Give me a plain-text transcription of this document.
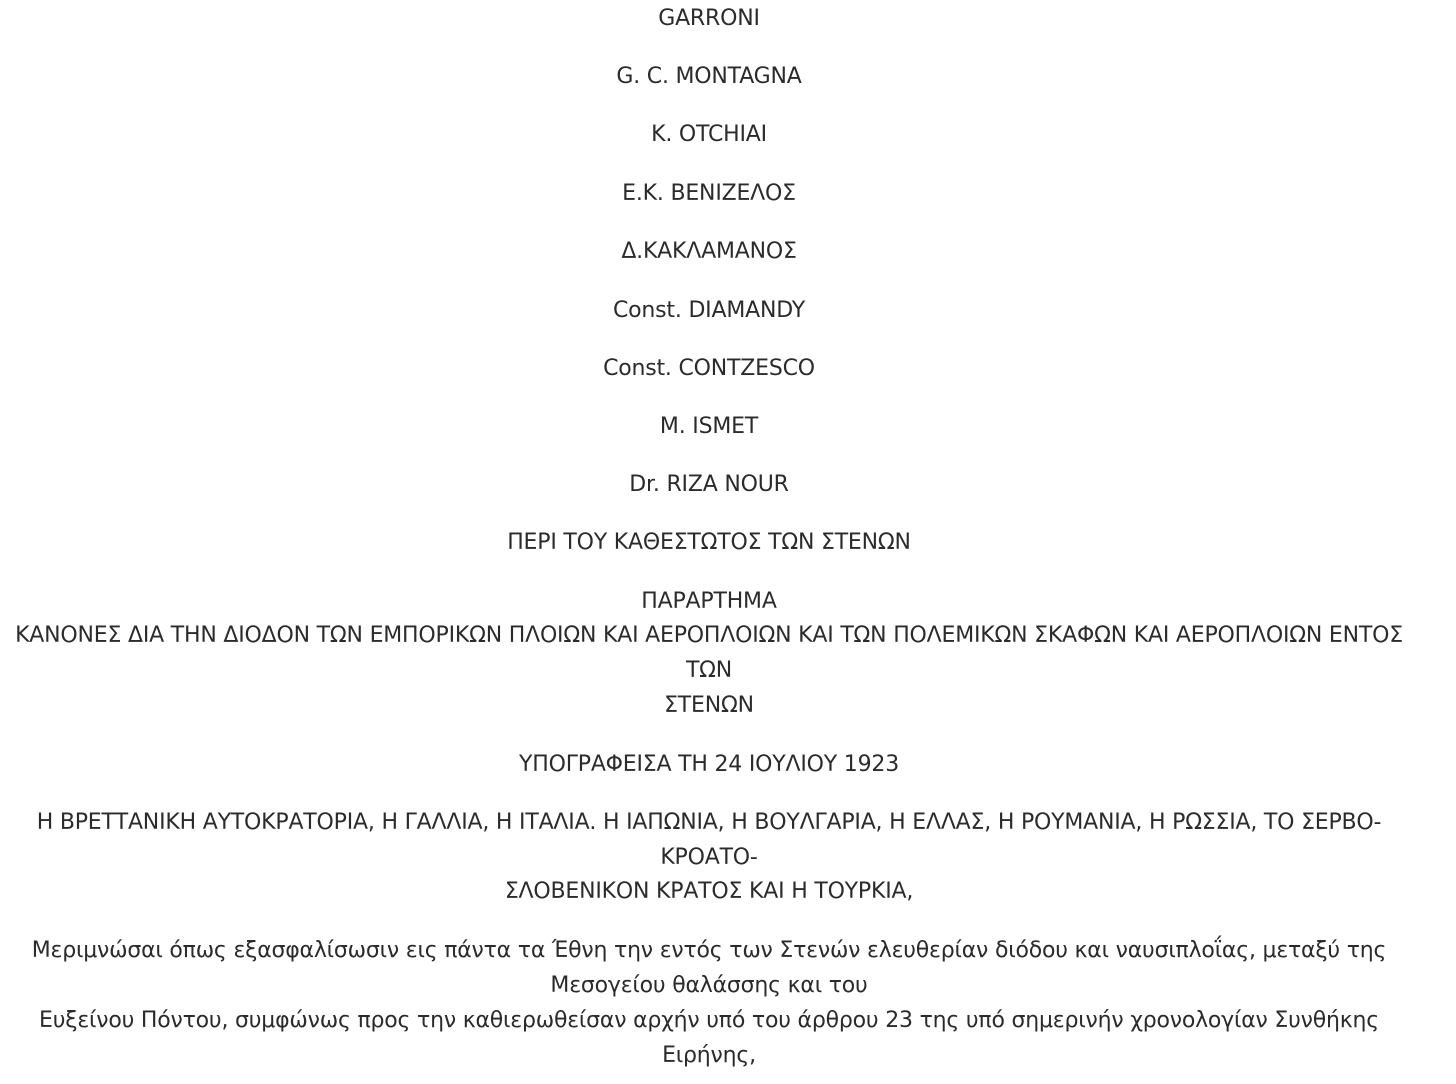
GARRONI
G. C. MONTAGNA
K. OTCHIAI
Ε.Κ. ΒΕΝΙΖΕΛΟΣ
Δ.ΚΑΚΛΑΜΑΝΟΣ
Const. DIAMANDY
Const. CONTZESCO
M. ISMET
Dr. RIZA NOUR
ΠΕΡΙ ΤΟΥ ΚΑΘΕΣΤΩΤΟΣ ΤΩΝ ΣΤΕΝΩΝ
ΠΑΡΑΡΤΗΜΑ
ΚΑΝΟΝΕΣ ΔΙΑ ΤΗΝ ΔΙΟΔΟΝ ΤΩΝ ΕΜΠΟΡΙΚΩΝ ΠΛΟΙΩΝ ΚΑΙ ΑΕΡΟΠΛΟΙΩΝ ΚΑΙ ΤΩΝ ΠΟΛΕΜΙΚΩΝ ΣΚΑΦΩΝ ΚΑΙ ΑΕΡΟΠΛΟΙΩΝ ΕΝΤΟΣ
ΤΩΝ
ΣΤΕΝΩΝ
ΥΠΟΓΡΑΦΕΙΣΑ ΤΗ 24 ΙΟΥΛΙΟΥ 1923
Η ΒΡΕΤΤΑΝΙΚΗ ΑΥΤΟΚΡΑΤΟΡΙΑ, Η ΓΑΛΛΙΑ, Η ΙΤΑΛΙΑ. Η ΙΑΠΩΝΙΑ, Η ΒΟΥΛΓΑΡΙΑ, Η ΕΛΛΑΣ, Η ΡΟΥΜΑΝΙΑ, Η ΡΩΣΣΙΑ, ΤΟ ΣΕΡΒΟ-
ΚΡΟΑΤΟ-
ΣΛΟΒΕΝΙΚΟΝ ΚΡΑΤΟΣ ΚΑΙ Η ΤΟΥΡΚΙΑ,
Μεριμνώσαι όπως εξασφαλίσωσιν εις πάντα τα Έθνη την εντός των Στενών ελευθερίαν διόδου και ναυσιπλοΐας, μεταξύ της
Μεσογείου θαλάσσης και του
Ευξείνου Πόντου, συμφώνως προς την καθιερωθείσαν αρχήν υπό του άρθρου 23 της υπό σημερινήν χρονολογίαν Συνθήκης
Ειρήνης,
